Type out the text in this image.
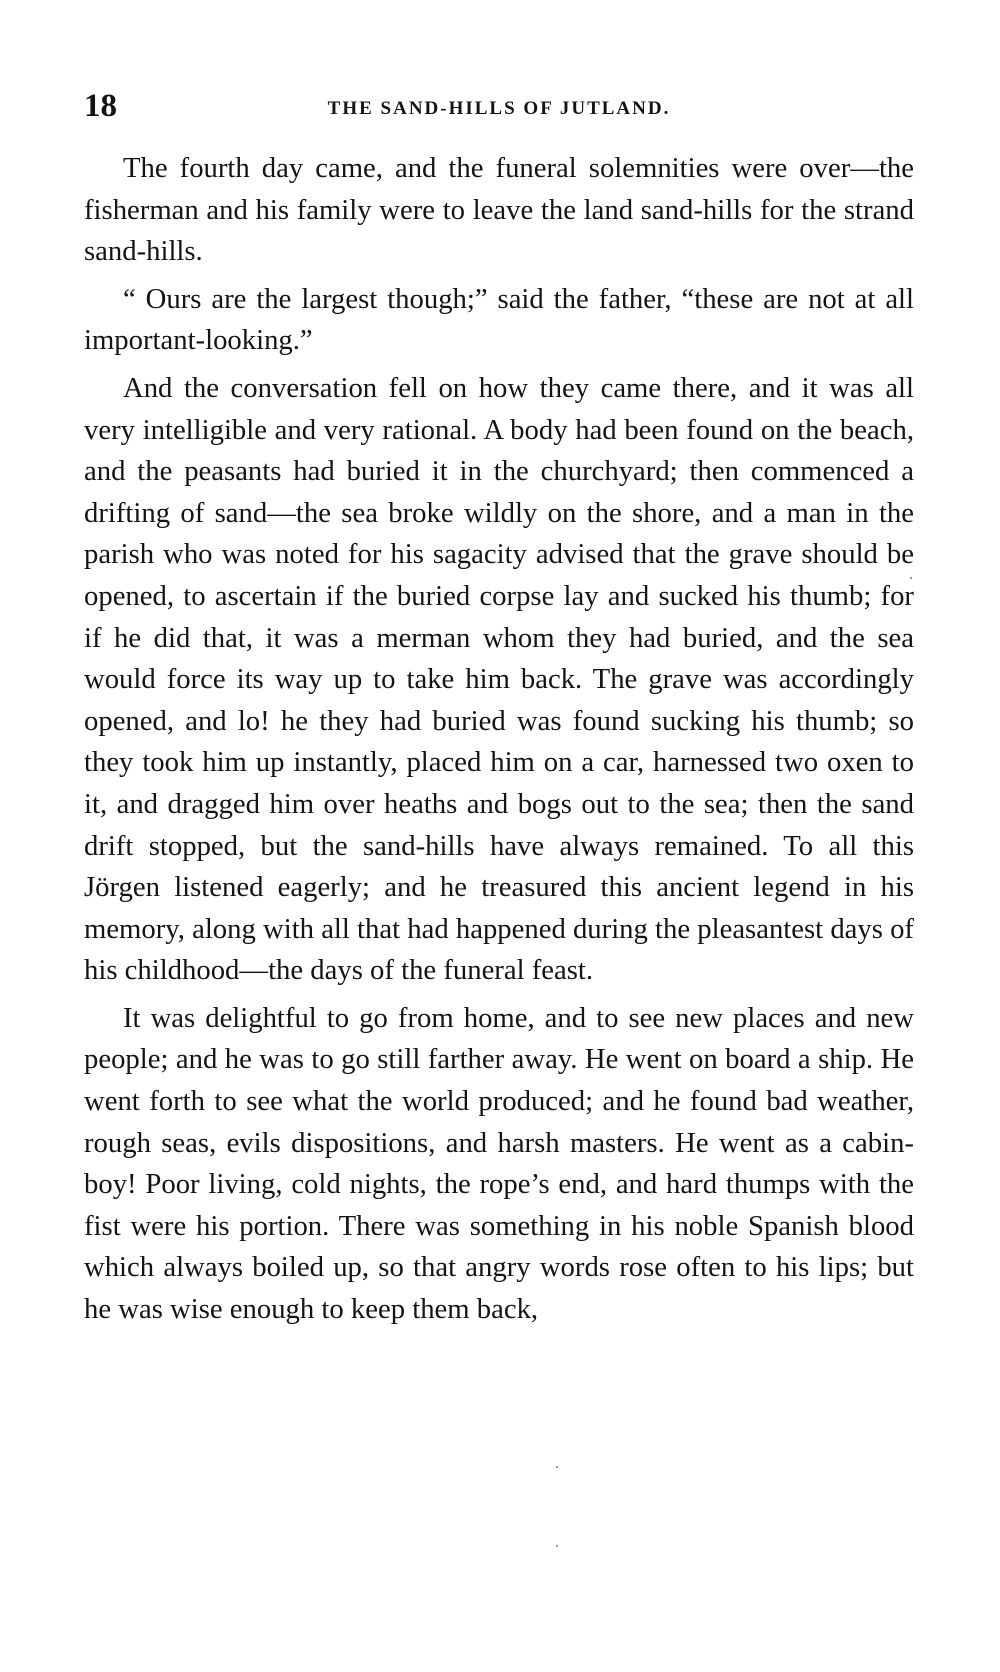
18	THE SAND-HILLS OF JUTLAND.

The fourth day came, and the funeral solemnities were over—the fisherman and his family were to leave the land sand-hills for the strand sand-hills.

“ Ours are the largest though;” said the father, “these are not at all important-looking.”

And the conversation fell on how they came there, and it was all very intelligible and very rational. A body had been found on the beach, and the peasants had buried it in the churchyard; then commenced a drifting of sand—the sea broke wildly on the shore, and a man in the parish who was noted for his sagacity advised that the grave should be opened, to ascertain if the buried corpse lay and sucked his thumb; for if he did that, it was a merman whom they had buried, and the sea would force its way up to take him back. The grave was accordingly opened, and lo! he they had buried was found sucking his thumb; so they took him up instantly, placed him on a car, harnessed two oxen to it, and dragged him over heaths and bogs out to the sea; then the sand drift stopped, but the sand-hills have always remained. To all this Jörgen listened eagerly; and he treasured this ancient legend in his memory, along with all that had happened during the pleasantest days of his childhood—the days of the funeral feast.

It was delightful to go from home, and to see new places and new people; and he was to go still farther away. He went on board a ship. He went forth to see what the world produced; and he found bad weather, rough seas, evils dispositions, and harsh masters. He went as a cabin-boy! Poor living, cold nights, the rope’s end, and hard thumps with the fist were his portion. There was something in his noble Spanish blood which always boiled up, so that angry words rose often to his lips; but he was wise enough to keep them back,
